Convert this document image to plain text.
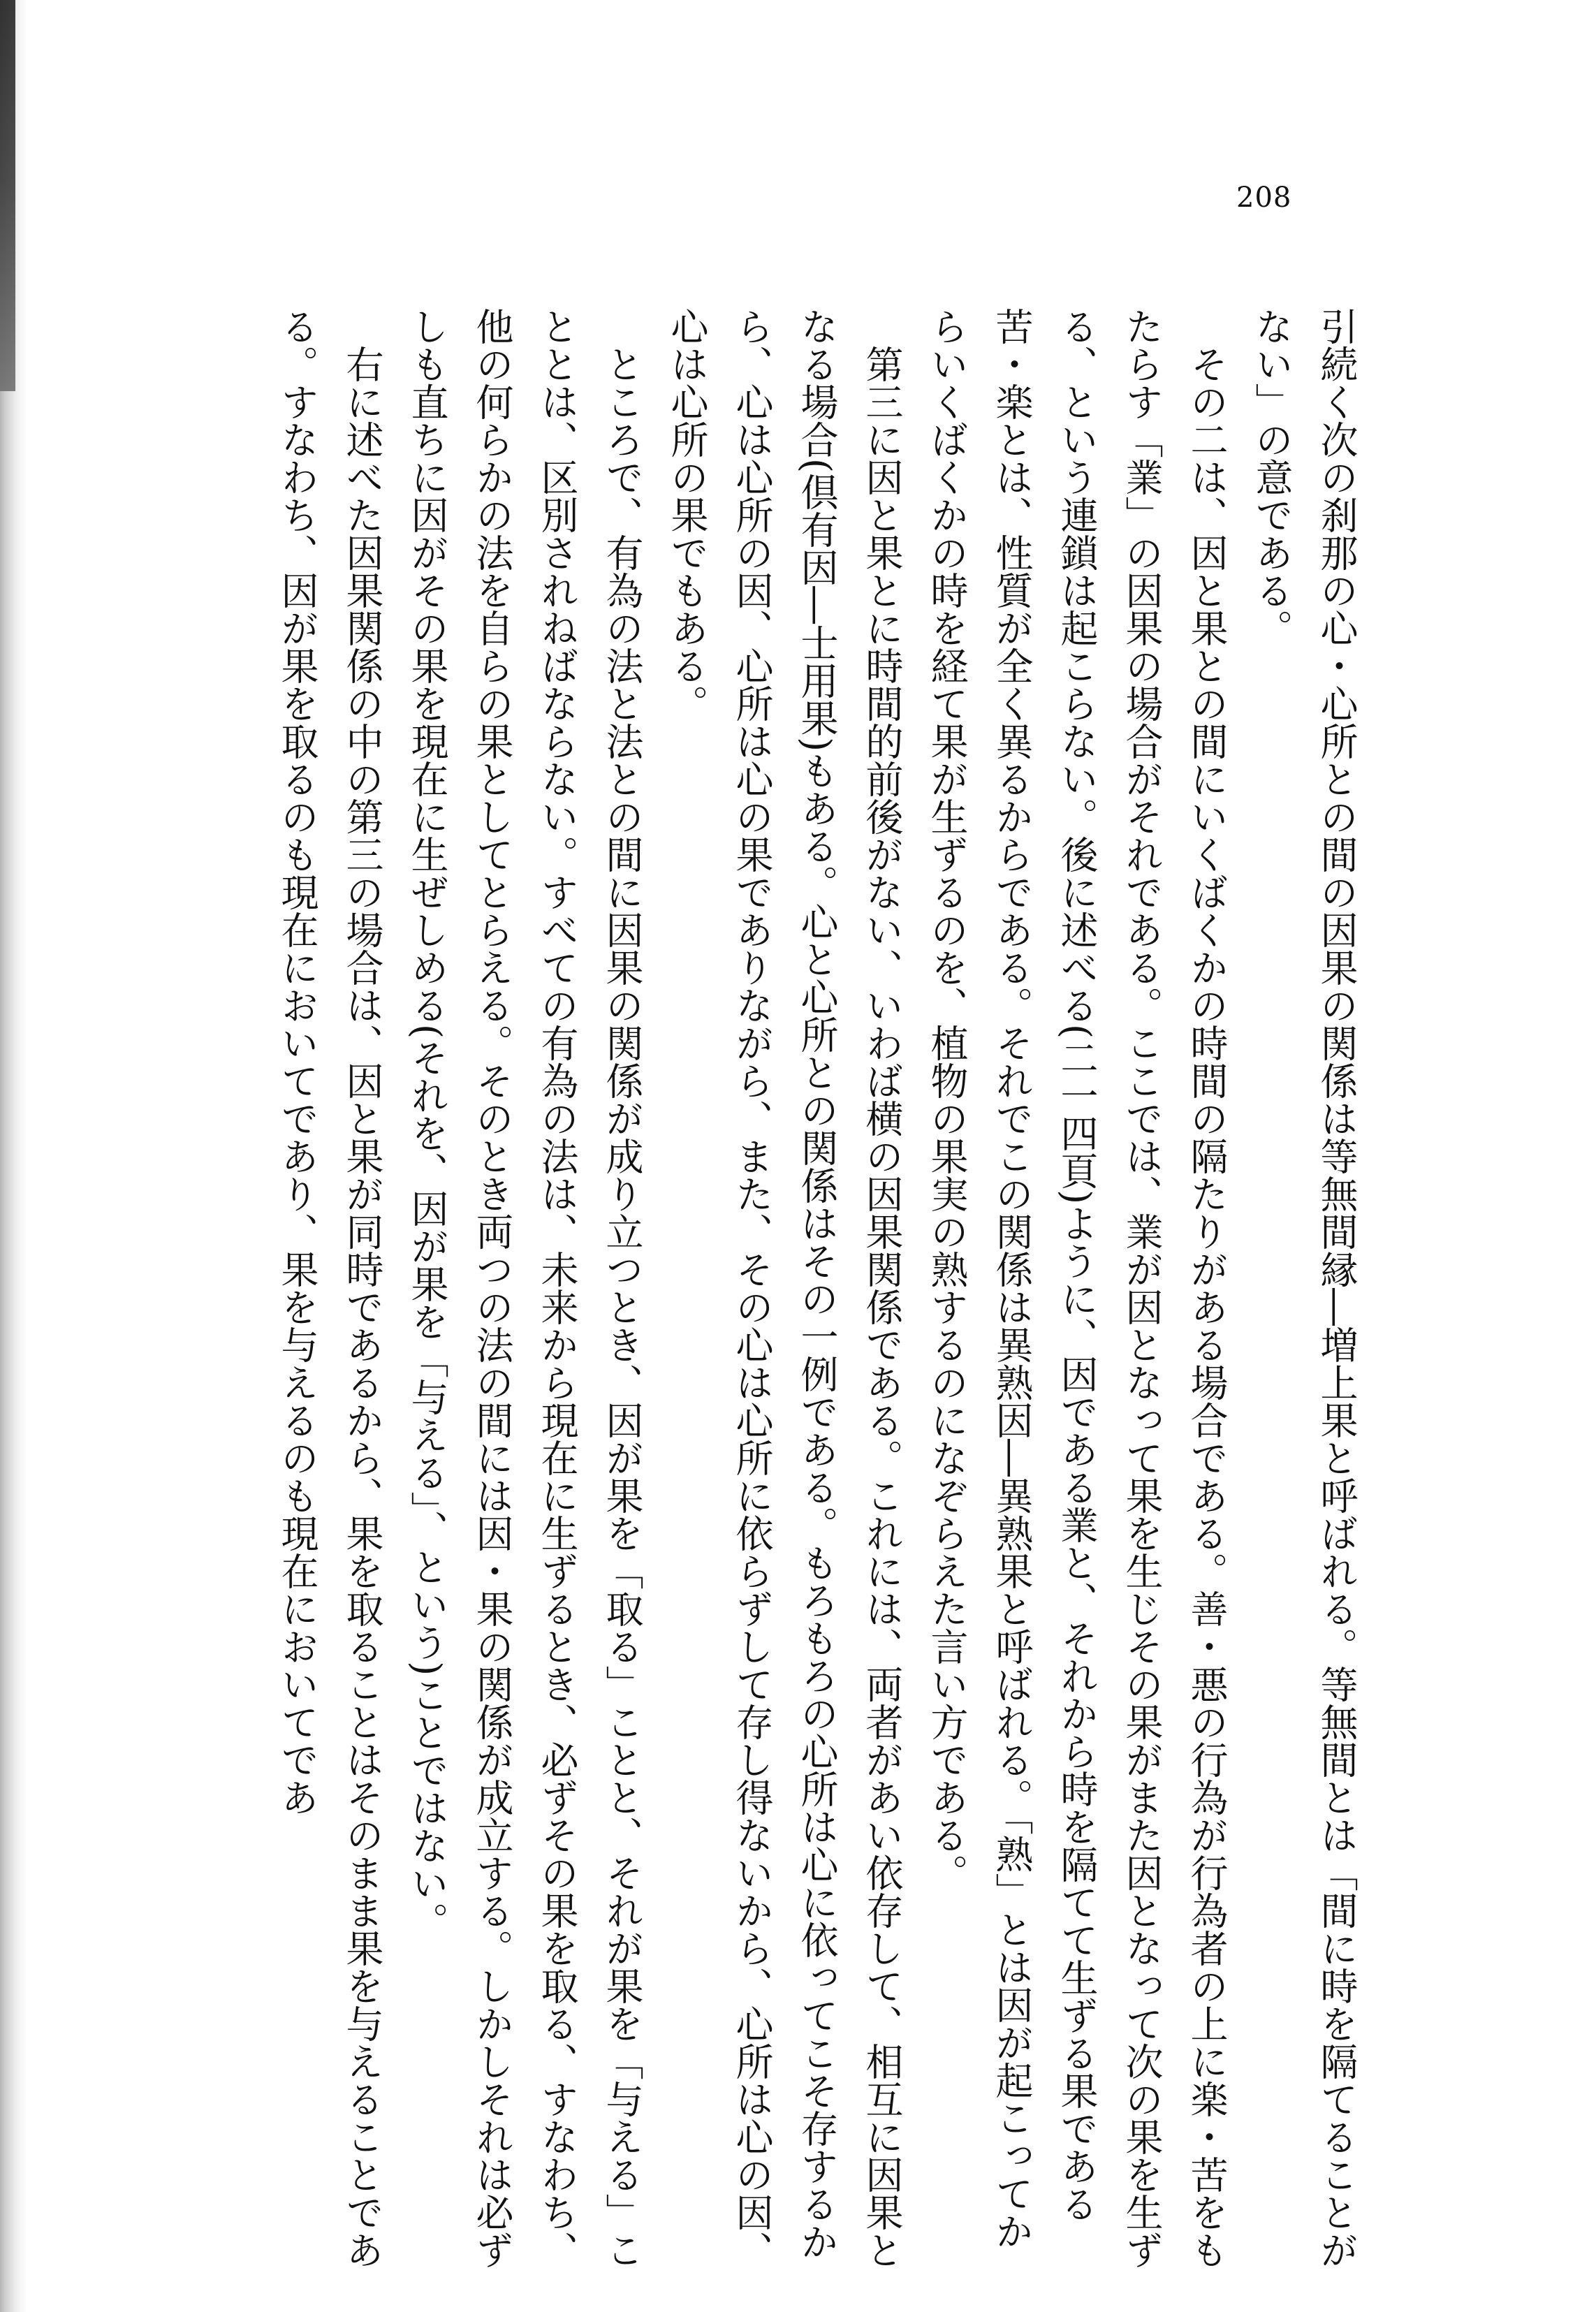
208

引続く次の刹那の心・心所との間の因果の関係は等無間縁―増上果と呼ばれる。等無間とは「間に時を隔てることがない」の意である。

その二は、因と果との間にいくばくかの時間の隔たりがある場合である。善・悪の行為が行為者の上に楽・苦をもたらす「業」の因果の場合がそれである。ここでは、業が因となって果を生じその果がまた因となって次の果を生ずる、という連鎖は起こらない。後に述べる(二一四頁)ように、因である業と、それから時を隔てて生ずる果である苦・楽とは、性質が全く異るからである。それでこの関係は異熟因―異熟果と呼ばれる。「熟」とは因が起こってからいくばくかの時を経て果が生ずるのを、植物の果実の熟するのになぞらえた言い方である。

第三に因と果とに時間的前後がない、いわば横の因果関係である。これには、両者があい依存して、相互に因果となる場合(倶有因―士用果)もある。心と心所との関係はその一例である。もろもろの心所は心に依ってこそ存するから、心は心所の因、心所は心の果でありながら、また、その心は心所に依らずして存し得ないから、心所は心の因、心は心所の果でもある。

ところで、有為の法と法との間に因果の関係が成り立つとき、因が果を「取る」ことと、それが果を「与える」こととは、区別されねばならない。すべての有為の法は、未来から現在に生ずるとき、必ずその果を取る、すなわち、他の何らかの法を自らの果としてとらえる。そのとき両つの法の間には因・果の関係が成立する。しかしそれは必ずしも直ちに因がその果を現在に生ぜしめる(それを、因が果を「与える」、という)ことではない。

右に述べた因果関係の中の第三の場合は、因と果が同時であるから、果を取ることはそのまま果を与えることである。すなわち、因が果を取るのも現在においてであり、果を与えるのも現在においてであ
